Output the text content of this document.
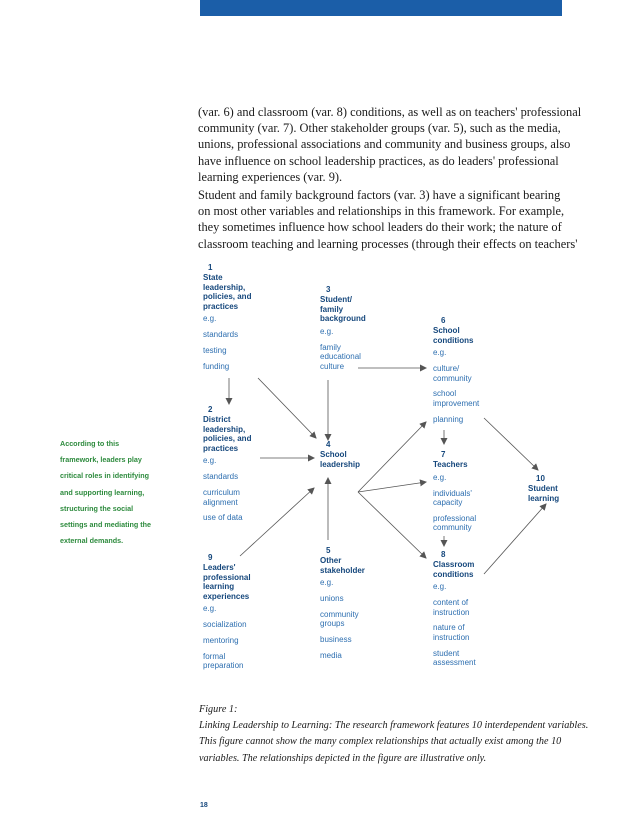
(var. 6) and classroom (var. 8) conditions, as well as on teachers' professional
community (var. 7). Other stakeholder groups (var. 5), such as the media,
unions, professional associations and community and business groups, also
have influence on school leadership practices, as do leaders' professional
learning experiences (var. 9).

Student and family background factors (var. 3) have a significant bearing
on most other variables and relationships in this framework. For example,
they sometimes influence how school leaders do their work; the nature of
classroom teaching and learning processes (through their effects on teachers'

According to this
framework, leaders play
critical roles in identifying
and supporting learning,
structuring the social
settings and mediating the
external demands.

1
State
leadership,
policies, and
practices
e.g.
standards
testing
funding
2
District
leadership,
policies, and
practices
e.g.
standards
curriculum
alignment
use of data
9
Leaders'
professional
learning
experiences
e.g.
socialization
mentoring
formal
preparation
3
Student/
family
background
e.g.
family
educational
culture
4
School
leadership
5
Other
stakeholder
e.g.
unions
community
groups
business
media
6
School
conditions
e.g.
culture/
community
school
improvement
planning
7
Teachers
e.g.
individuals'
capacity
professional
community
8
Classroom
conditions
e.g.
content of
instruction
nature of
instruction
student
assessment
10
Student
learning

Figure 1:
Linking Leadership to Learning: The research framework features 10 interdependent variables.
This figure cannot show the many complex relationships that actually exist among the 10
variables. The relationships depicted in the figure are illustrative only.

18
